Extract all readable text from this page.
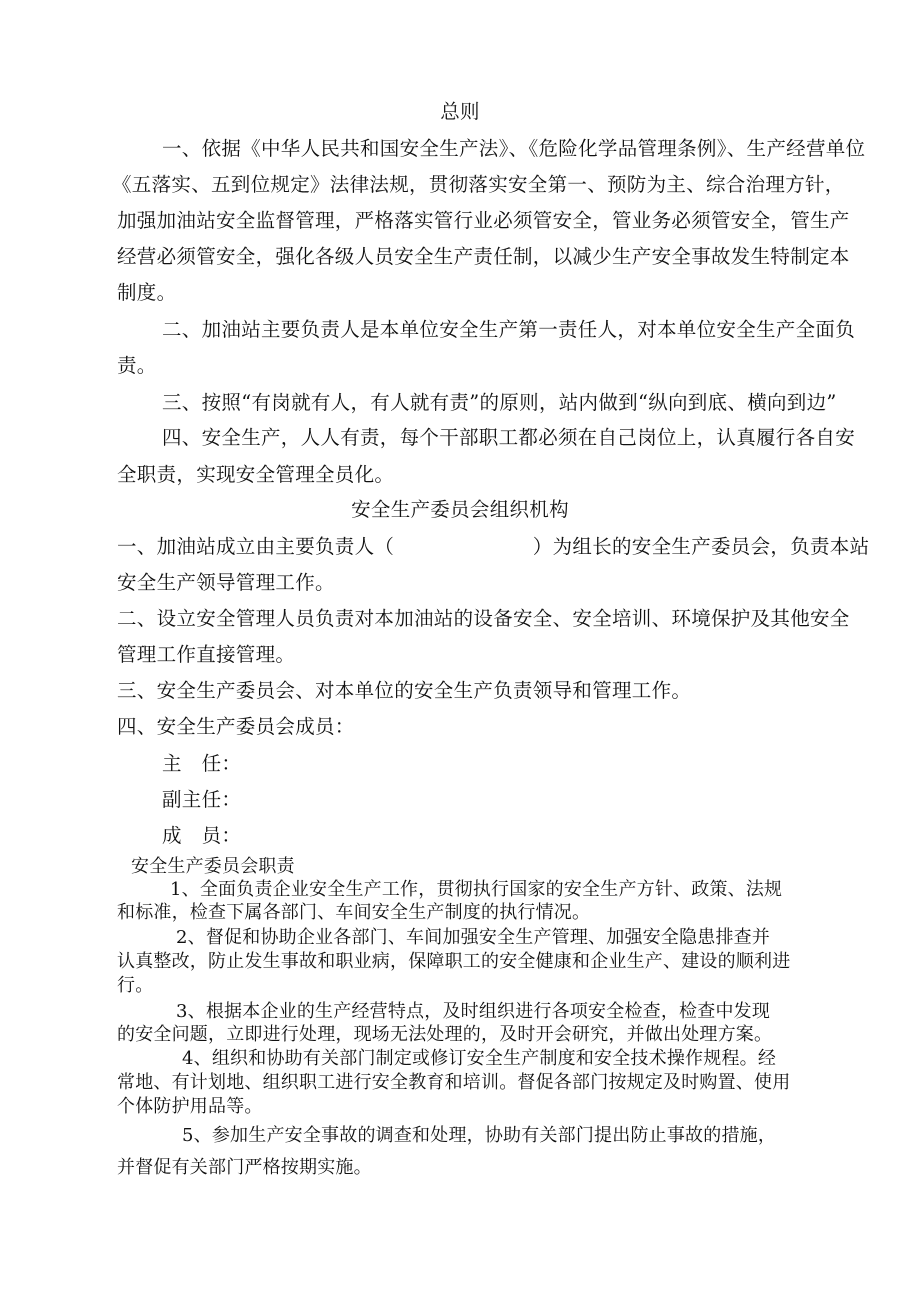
总则
一、依据《中华人民共和国安全生产法》、《危险化学品管理条例》、生产经营单位
《五落实、五到位规定》法律法规，贯彻落实安全第一、预防为主、综合治理方针，
加强加油站安全监督管理，严格落实管行业必须管安全，管业务必须管安全，管生产
经营必须管安全，强化各级人员安全生产责任制，以减少生产安全事故发生特制定本
制度。
二、加油站主要负责人是本单位安全生产第一责任人，对本单位安全生产全面负
责。
三、按照“有岗就有人，有人就有责”的原则，站内做到“纵向到底、横向到边”
四、安全生产，人人有责，每个干部职工都必须在自己岗位上，认真履行各自安
全职责，实现安全管理全员化。
安全生产委员会组织机构
一、加油站成立由主要负责人（　　　　　　　）为组长的安全生产委员会，负责本站
安全生产领导管理工作。
二、设立安全管理人员负责对本加油站的设备安全、安全培训、环境保护及其他安全
管理工作直接管理。
三、安全生产委员会、对本单位的安全生产负责领导和管理工作。
四、安全生产委员会成员：
主　任：
副主任：
成　员：
安全生产委员会职责
1、全面负责企业安全生产工作，贯彻执行国家的安全生产方针、政策、法规
和标准，检查下属各部门、车间安全生产制度的执行情况。
2、督促和协助企业各部门、车间加强安全生产管理、加强安全隐患排查并
认真整改，防止发生事故和职业病，保障职工的安全健康和企业生产、建设的顺利进
行。
3、根据本企业的生产经营特点，及时组织进行各项安全检查，检查中发现
的安全问题，立即进行处理，现场无法处理的，及时开会研究，并做出处理方案。
4、组织和协助有关部门制定或修订安全生产制度和安全技术操作规程。经
常地、有计划地、组织职工进行安全教育和培训。督促各部门按规定及时购置、使用
个体防护用品等。
5、参加生产安全事故的调查和处理，协助有关部门提出防止事故的措施，
并督促有关部门严格按期实施。
